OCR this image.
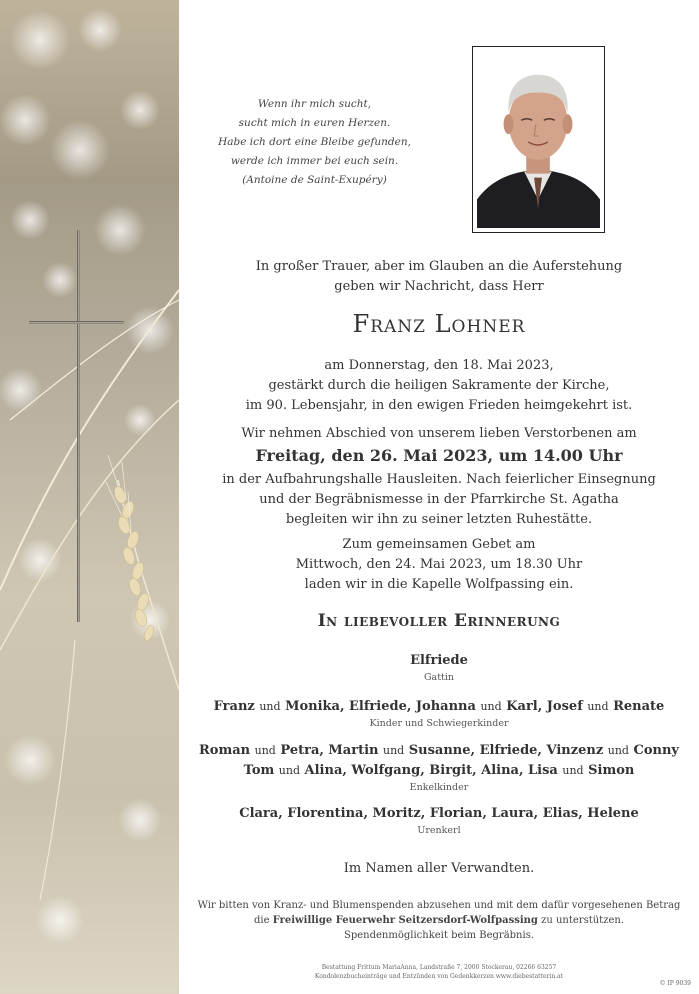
Wenn ihr mich sucht,
sucht mich in euren Herzen.
Habe ich dort eine Bleibe gefunden,
werde ich immer bei euch sein.
(Antoine de Saint-Exupéry)
In großer Trauer, aber im Glauben an die Auferstehung
geben wir Nachricht, dass Herr
Franz Lohner
am Donnerstag, den 18. Mai 2023,
gestärkt durch die heiligen Sakramente der Kirche,
im 90. Lebensjahr, in den ewigen Frieden heimgekehrt ist.
Wir nehmen Abschied von unserem lieben Verstorbenen am
Freitag, den 26. Mai 2023, um 14.00 Uhr
in der Aufbahrungshalle Hausleiten. Nach feierlicher Einsegnung
und der Begräbnismesse in der Pfarrkirche St. Agatha
begleiten wir ihn zu seiner letzten Ruhestätte.
Zum gemeinsamen Gebet am
Mittwoch, den 24. Mai 2023, um 18.30 Uhr
laden wir in die Kapelle Wolfpassing ein.
In liebevoller Erinnerung
Elfriede
Gattin
Franz und Monika, Elfriede, Johanna und Karl, Josef und Renate
Kinder und Schwiegerkinder
Roman und Petra, Martin und Susanne, Elfriede, Vinzenz und Conny
Tom und Alina, Wolfgang, Birgit, Alina, Lisa und Simon
Enkelkinder
Clara, Florentina, Moritz, Florian, Laura, Elias, Helene
Urenkerl
Im Namen aller Verwandten.
Wir bitten von Kranz- und Blumenspenden abzusehen und mit dem dafür vorgesehenen Betrag
die Freiwillige Feuerwehr Seitzersdorf-Wolfpassing zu unterstützen.
Spendenmöglichkeit beim Begräbnis.
Bestattung Frittum MariaAnna, Landstraße 7, 2000 Stockerau, 02266 63257
Kondolenzbucheinträge und Entzünden von Gedenkkerzen www.diebestatterin.at
© IP 9039
